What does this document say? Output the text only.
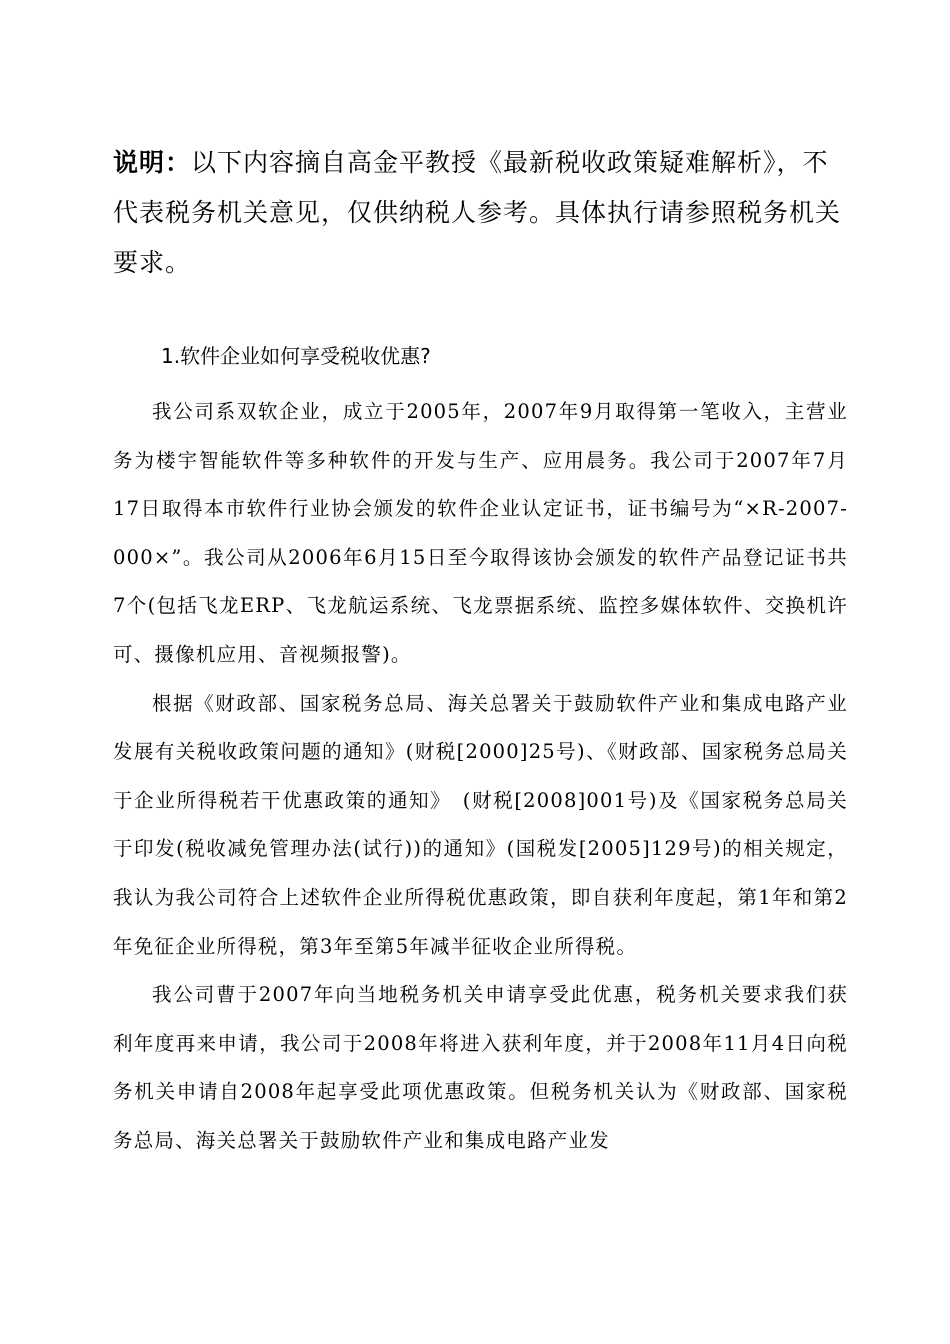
说明：以下内容摘自高金平教授《最新税收政策疑难解析》，不代表税务机关意见，仅供纳税人参考。具体执行请参照税务机关要求。
1.软件企业如何享受税收优惠?

我公司系双软企业，成立于2005年，2007年9月取得第一笔收入，主营业务为楼宇智能软件等多种软件的开发与生产、应用晨务。我公司于2007年7月17日取得本市软件行业协会颁发的软件企业认定证书，证书编号为“×R-2007-000×”。我公司从2006年6月15日至今取得该协会颁发的软件产品登记证书共7个(包括飞龙ERP、飞龙航运系统、飞龙票据系统、监控多媒体软件、交换机许可、摄像机应用、音视频报警)。

根据《财政部、国家税务总局、海关总署关于鼓励软件产业和集成电路产业发展有关税收政策问题的通知》(财税[2000]25号)、《财政部、国家税务总局关于企业所得税若干优惠政策的通知》　(财税[2008]001号)及《国家税务总局关于印发(税收减免管理办法(试行))的通知》(国税发[2005]129号)的相关规定，我认为我公司符合上述软件企业所得税优惠政策，即自获利年度起，第1年和第2年免征企业所得税，第3年至第5年减半征收企业所得税。

我公司曹于2007年向当地税务机关申请享受此优惠，税务机关要求我们获利年度再来申请，我公司于2008年将进入获利年度，并于2008年11月4日向税务机关申请自2008年起享受此项优惠政策。但税务机关认为《财政部、国家税务总局、海关总署关于鼓励软件产业和集成电路产业发
